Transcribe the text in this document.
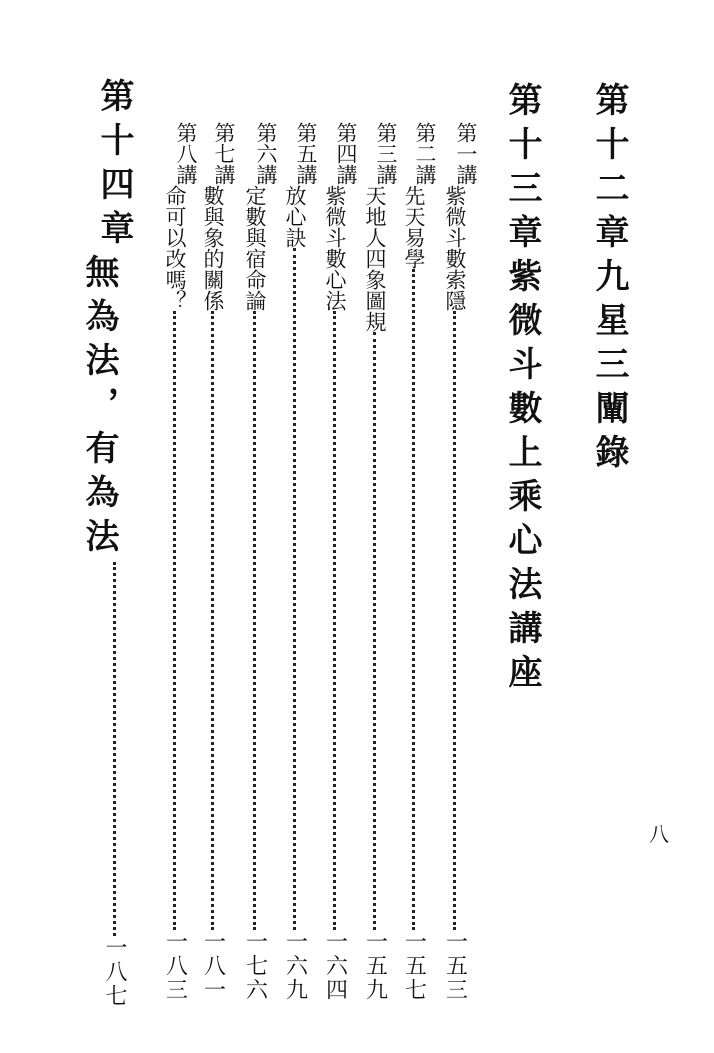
第十二章九星三闡錄
第十三章紫微斗數上乘心法講座
第一講
紫微斗數索隱
一五三
第二講
先天易學
一五七
第三講
天地人四象圖規
一五九
第四講
紫微斗數心法
一六四
第五講
放心訣
一六九
第六講
定數與宿命論
一七六
第七講
數與象的關係
一八一
第八講
命可以改嗎？
一八三
第十四章
無為法，有為法
一八七
八
